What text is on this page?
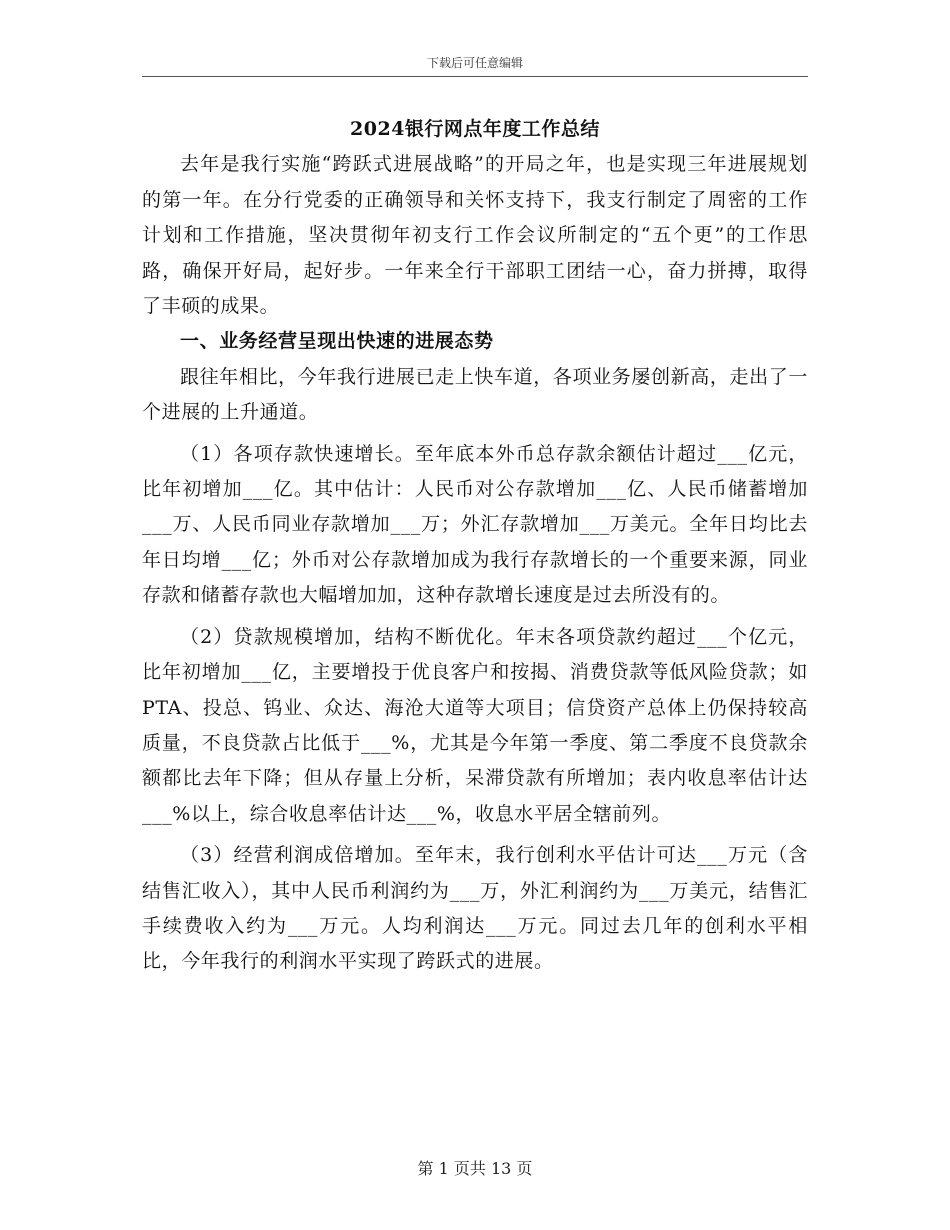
下载后可任意编辑
2024银行网点年度工作总结

去年是我行实施“跨跃式进展战略”的开局之年，也是实现三年进展规划的第一年。在分行党委的正确领导和关怀支持下，我支行制定了周密的工作计划和工作措施，坚决贯彻年初支行工作会议所制定的“五个更”的工作思路，确保开好局，起好步。一年来全行干部职工团结一心，奋力拼搏，取得了丰硕的成果。

一、业务经营呈现出快速的进展态势

跟往年相比，今年我行进展已走上快车道，各项业务屡创新高，走出了一个进展的上升通道。

（1）各项存款快速增长。至年底本外币总存款余额估计超过___亿元，比年初增加___亿。其中估计：人民币对公存款增加___亿、人民币储蓄增加___万、人民币同业存款增加___万；外汇存款增加___万美元。全年日均比去年日均增___亿；外币对公存款增加成为我行存款增长的一个重要来源，同业存款和储蓄存款也大幅增加加，这种存款增长速度是过去所没有的。

（2）贷款规模增加，结构不断优化。年末各项贷款约超过___个亿元，比年初增加___亿，主要增投于优良客户和按揭、消费贷款等低风险贷款；如PTA、投总、钨业、众达、海沧大道等大项目；信贷资产总体上仍保持较高质量，不良贷款占比低于___%，尤其是今年第一季度、第二季度不良贷款余额都比去年下降；但从存量上分析，呆滞贷款有所增加；表内收息率估计达___%以上，综合收息率估计达___%，收息水平居全辖前列。

（3）经营利润成倍增加。至年末，我行创利水平估计可达___万元（含结售汇收入），其中人民币利润约为___万，外汇利润约为___万美元，结售汇手续费收入约为___万元。人均利润达___万元。同过去几年的创利水平相比，今年我行的利润水平实现了跨跃式的进展。

第 1 页共 13 页
